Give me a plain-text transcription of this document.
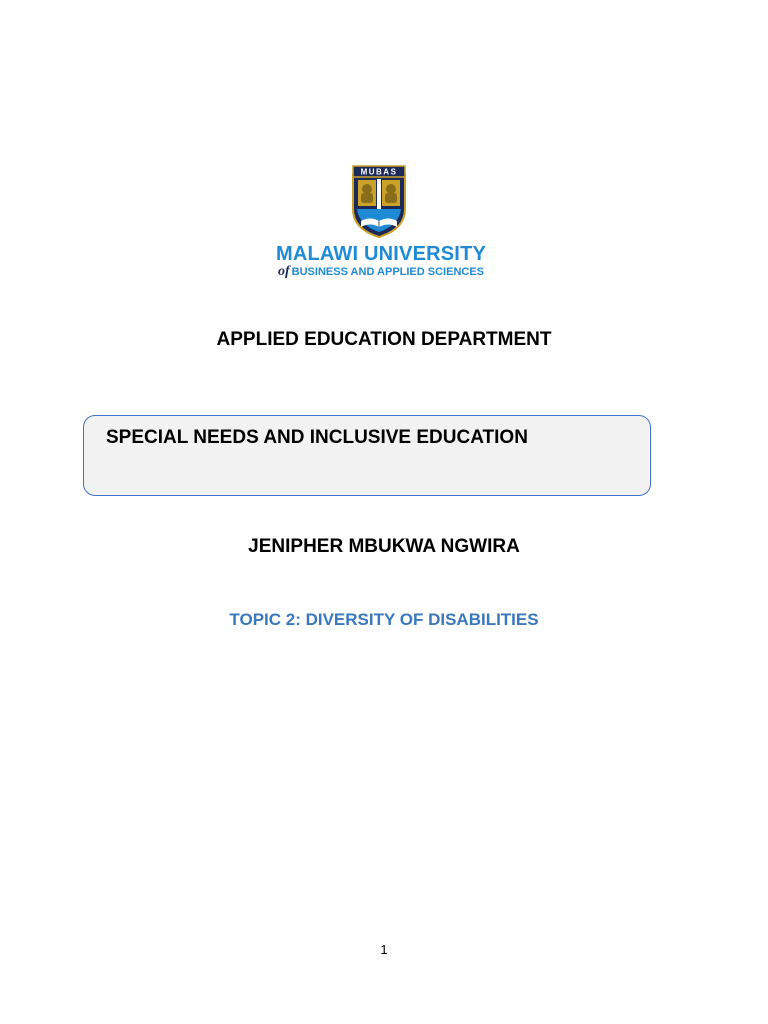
MUBAS
MALAWI UNIVERSITY
of BUSINESS AND APPLIED SCIENCES
APPLIED EDUCATION DEPARTMENT
SPECIAL NEEDS AND INCLUSIVE EDUCATION
JENIPHER MBUKWA NGWIRA
TOPIC 2: DIVERSITY OF DISABILITIES
1
